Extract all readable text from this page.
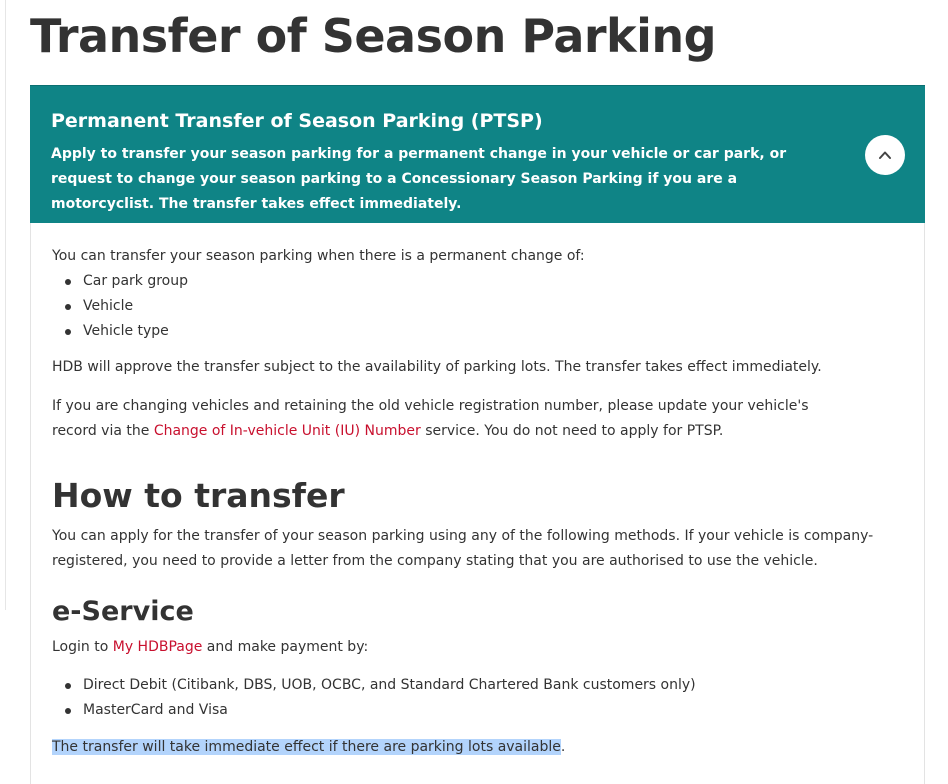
Transfer of Season Parking
Permanent Transfer of Season Parking (PTSP)

Apply to transfer your season parking for a permanent change in your vehicle or car park, or request to change your season parking to a Concessionary Season Parking if you are a motorcyclist. The transfer takes effect immediately.

You can transfer your season parking when there is a permanent change of:

Car park group
Vehicle
Vehicle type

HDB will approve the transfer subject to the availability of parking lots. The transfer takes effect immediately.

If you are changing vehicles and retaining the old vehicle registration number, please update your vehicle's record via the Change of In-vehicle Unit (IU) Number service. You do not need to apply for PTSP.

How to transfer

You can apply for the transfer of your season parking using any of the following methods. If your vehicle is company-registered, you need to provide a letter from the company stating that you are authorised to use the vehicle.

e-Service

Login to My HDBPage and make payment by:

Direct Debit (Citibank, DBS, UOB, OCBC, and Standard Chartered Bank customers only)
MasterCard and Visa

The transfer will take immediate effect if there are parking lots available.
